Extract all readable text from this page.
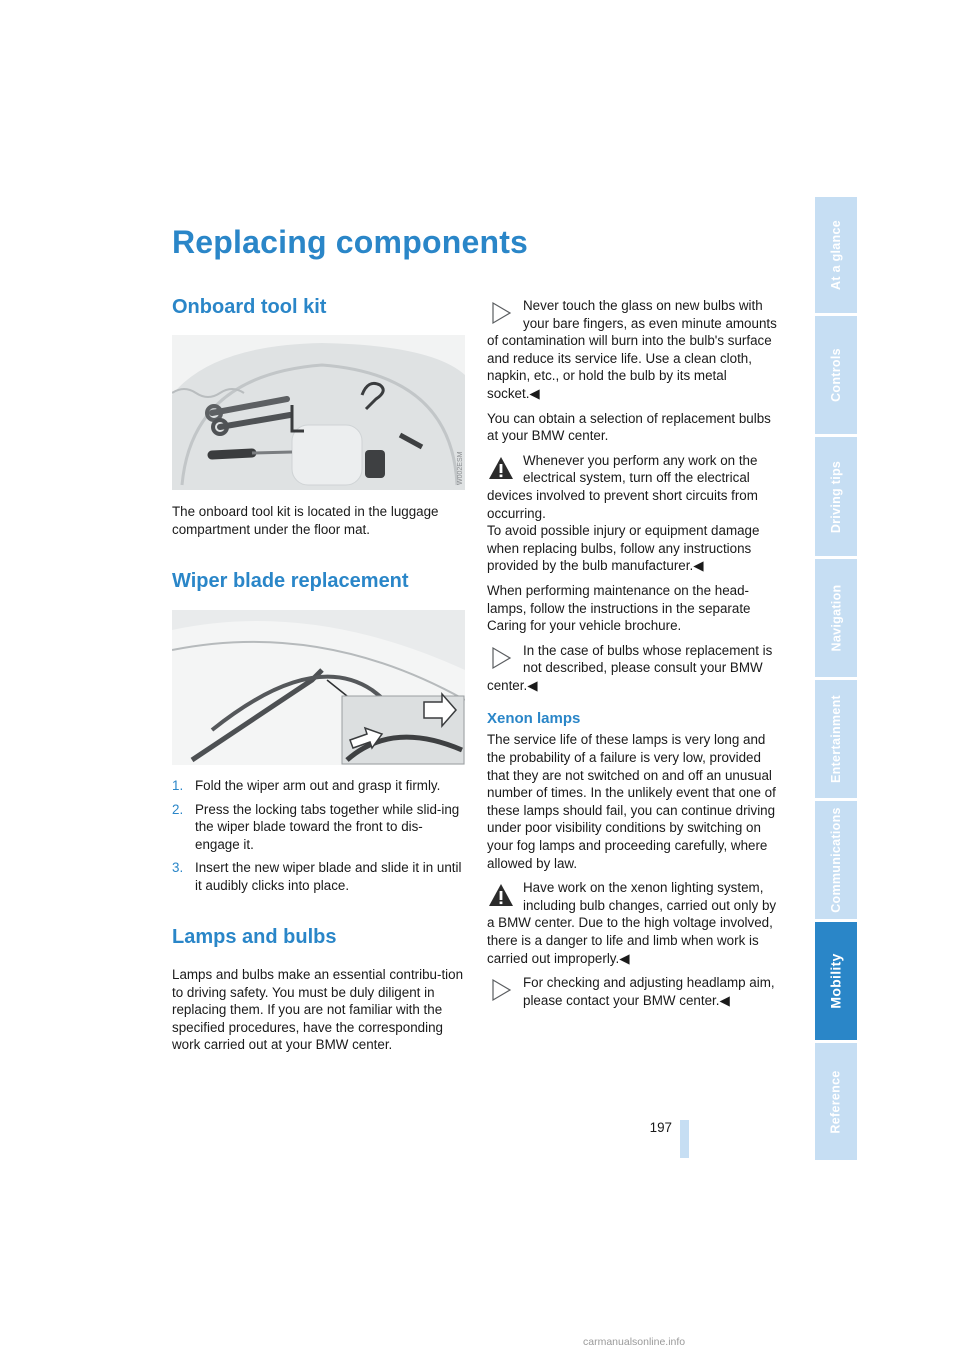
Replacing components
Onboard tool kit
W002ESM

The onboard tool kit is located in the luggage compartment under the floor mat.

Wiper blade replacement
1. Fold the wiper arm out and grasp it firmly.
2. Press the locking tabs together while slid-ing the wiper blade toward the front to dis-engage it.
3. Insert the new wiper blade and slide it in until it audibly clicks into place.
Lamps and bulbs

Lamps and bulbs make an essential contribu-tion to driving safety. You must be duly diligent in replacing them. If you are not familiar with the specified procedures, have the corresponding work carried out at your BMW center.

Never touch the glass on new bulbs with your bare fingers, as even minute amounts of contamination will burn into the bulb's surface and reduce its service life. Use a clean cloth, napkin, etc., or hold the bulb by its metal socket.◀

You can obtain a selection of replacement bulbs at your BMW center.

Whenever you perform any work on the electrical system, turn off the electrical devices involved to prevent short circuits from occurring.

To avoid possible injury or equipment damage when replacing bulbs, follow any instructions provided by the bulb manufacturer.◀

When performing maintenance on the head-lamps, follow the instructions in the separate Caring for your vehicle brochure.

In the case of bulbs whose replacement is not described, please consult your BMW center.◀

Xenon lamps

The service life of these lamps is very long and the probability of a failure is very low, provided that they are not switched on and off an unusual number of times. In the unlikely event that one of these lamps should fail, you can continue driving under poor visibility conditions by switching on your fog lamps and proceeding carefully, where allowed by law.

Have work on the xenon lighting system, including bulb changes, carried out only by a BMW center. Due to the high voltage involved, there is a danger to life and limb when work is carried out improperly.◀

For checking and adjusting headlamp aim, please contact your BMW center.◀

At a glance
Controls
Driving tips
Navigation
Entertainment
Communications
Mobility
Reference
197
carmanualsonline.info
